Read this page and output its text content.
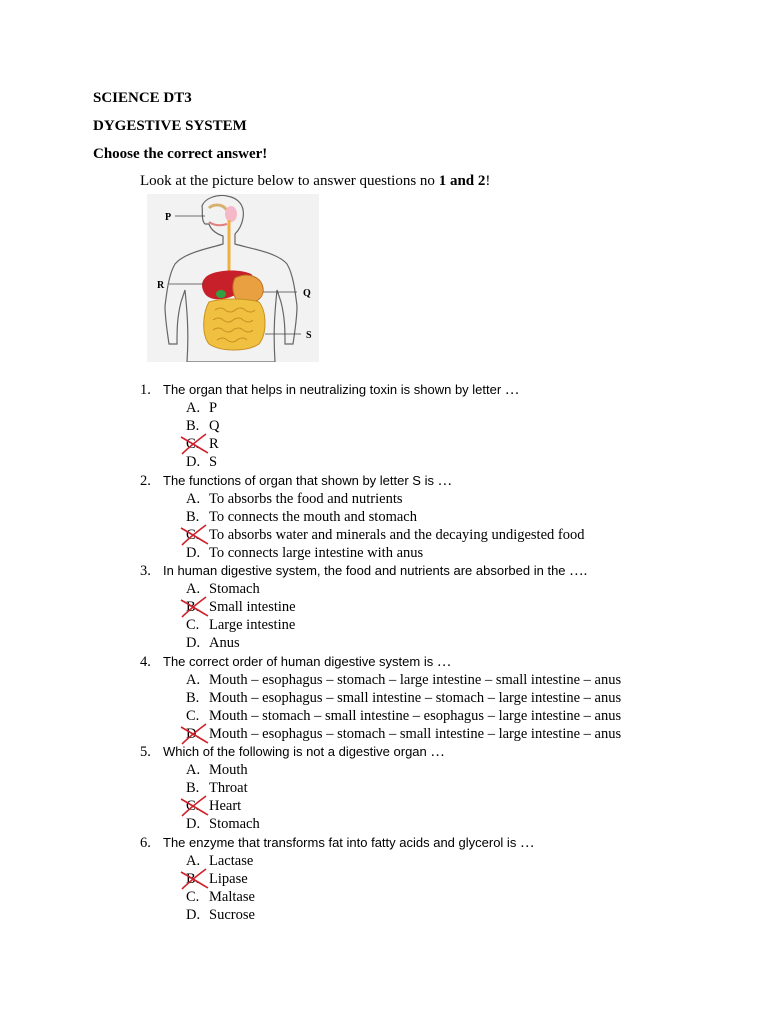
SCIENCE DT3
DYGESTIVE SYSTEM
Choose the correct answer!
Look at the picture below to answer questions no 1 and 2!
P
R
Q
S
1. The organ that helps in neutralizing toxin is shown by letter …
A. P
B. Q
C. R
D. S
2. The functions of organ that shown by letter S is …
A. To absorbs the food and nutrients
B. To connects the mouth and stomach
C. To absorbs water and minerals and the decaying undigested food
D. To connects large intestine with anus
3. In human digestive system, the food and nutrients are absorbed in the ….
A. Stomach
B. Small intestine
C. Large intestine
D. Anus
4. The correct order of human digestive system is …
A. Mouth – esophagus – stomach – large intestine – small intestine – anus
B. Mouth – esophagus – small intestine – stomach – large intestine – anus
C. Mouth – stomach – small intestine – esophagus – large intestine – anus
D. Mouth – esophagus – stomach – small intestine – large intestine – anus
5. Which of the following is not a digestive organ …
A. Mouth
B. Throat
C. Heart
D. Stomach
6. The enzyme that transforms fat into fatty acids and glycerol is …
A. Lactase
B. Lipase
C. Maltase
D. Sucrose
